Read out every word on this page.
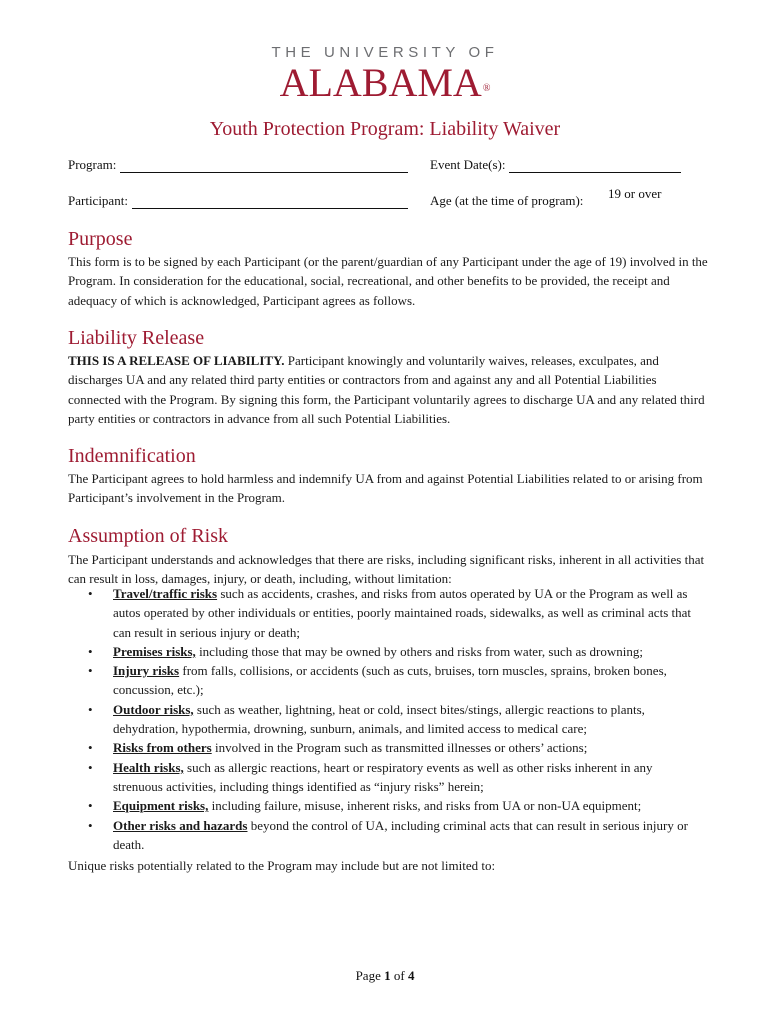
THE UNIVERSITY OF
ALABAMA®
Youth Protection Program: Liability Waiver
Program:	Event Date(s):
Participant:	Age (at the time of program): 19 or over
Purpose

This form is to be signed by each Participant (or the parent/guardian of any Participant under the age of 19) involved in the Program. In consideration for the educational, social, recreational, and other benefits to be provided, the receipt and adequacy of which is acknowledged, Participant agrees as follows.

Liability Release

THIS IS A RELEASE OF LIABILITY. Participant knowingly and voluntarily waives, releases, exculpates, and discharges UA and any related third party entities or contractors from and against any and all Potential Liabilities connected with the Program. By signing this form, the Participant voluntarily agrees to discharge UA and any related third party entities or contractors in advance from all such Potential Liabilities.

Indemnification

The Participant agrees to hold harmless and indemnify UA from and against Potential Liabilities related to or arising from Participant’s involvement in the Program.

Assumption of Risk

The Participant understands and acknowledges that there are risks, including significant risks, inherent in all activities that can result in loss, damages, injury, or death, including, without limitation:

• Travel/traffic risks such as accidents, crashes, and risks from autos operated by UA or the Program as well as autos operated by other individuals or entities, poorly maintained roads, sidewalks, as well as criminal acts that can result in serious injury or death;
• Premises risks, including those that may be owned by others and risks from water, such as drowning;
• Injury risks from falls, collisions, or accidents (such as cuts, bruises, torn muscles, sprains, broken bones, concussion, etc.);
• Outdoor risks, such as weather, lightning, heat or cold, insect bites/stings, allergic reactions to plants, dehydration, hypothermia, drowning, sunburn, animals, and limited access to medical care;
• Risks from others involved in the Program such as transmitted illnesses or others’ actions;
• Health risks, such as allergic reactions, heart or respiratory events as well as other risks inherent in any strenuous activities, including things identified as “injury risks” herein;
• Equipment risks, including failure, misuse, inherent risks, and risks from UA or non-UA equipment;
• Other risks and hazards beyond the control of UA, including criminal acts that can result in serious injury or death.

Unique risks potentially related to the Program may include but are not limited to:

Page 1 of 4
